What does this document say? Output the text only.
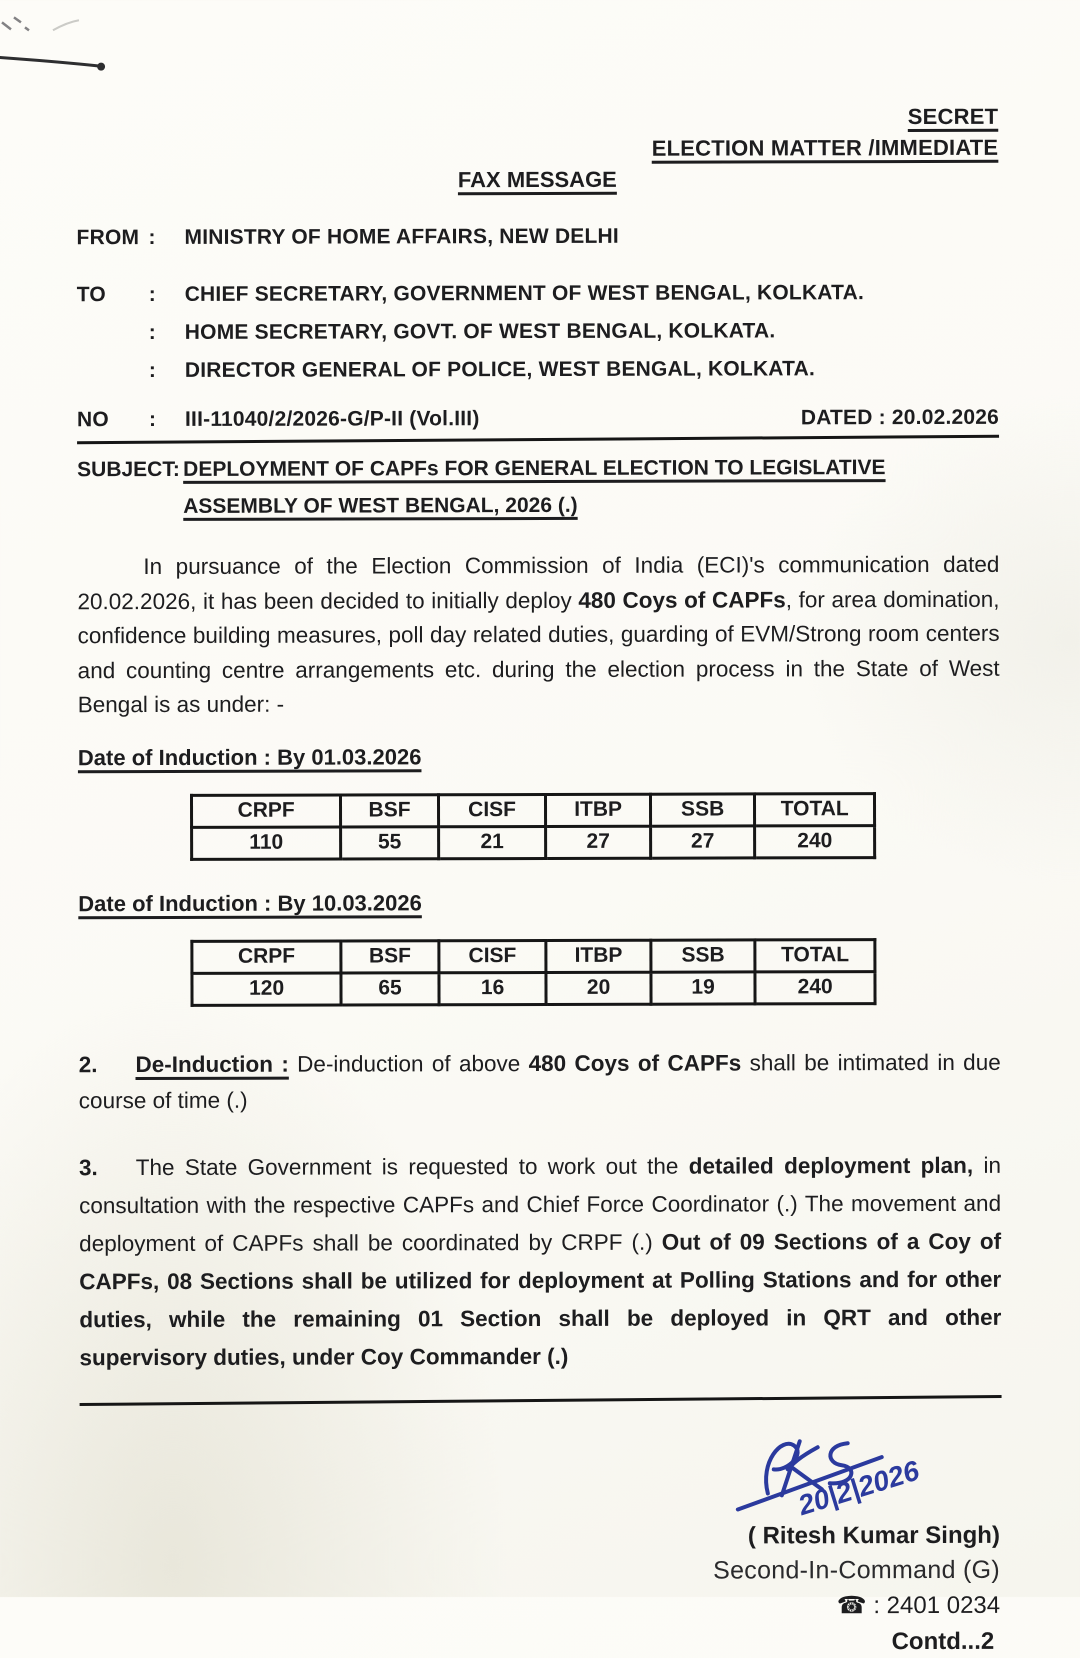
SECRET
ELECTION MATTER /IMMEDIATE
FAX MESSAGE
FROM :	MINISTRY OF HOME AFFAIRS, NEW DELHI
TO	:	CHIEF SECRETARY, GOVERNMENT OF WEST BENGAL, KOLKATA.
:	HOME SECRETARY, GOVT. OF WEST BENGAL, KOLKATA.
:	DIRECTOR GENERAL OF POLICE, WEST BENGAL, KOLKATA.
NO	:	III-11040/2/2026-G/P-II (Vol.III)	DATED : 20.02.2026
SUBJECT: DEPLOYMENT OF CAPFs FOR GENERAL ELECTION TO LEGISLATIVE ASSEMBLY OF WEST BENGAL, 2026 (.)

In pursuance of the Election Commission of India (ECI)'s communication dated 20.02.2026, it has been decided to initially deploy 480 Coys of CAPFs, for area domination, confidence building measures, poll day related duties, guarding of EVM/Strong room centers and counting centre arrangements etc. during the election process in the State of West Bengal is as under: -

Date of Induction : By 01.03.2026
CRPF	BSF	CISF	ITBP	SSB	TOTAL
110	55	21	27	27	240
Date of Induction : By 10.03.2026
CRPF	BSF	CISF	ITBP	SSB	TOTAL
120	65	16	20	19	240

2. De-Induction : De-induction of above 480 Coys of CAPFs shall be intimated in due course of time (.)

3. The State Government is requested to work out the detailed deployment plan, in consultation with the respective CAPFs and Chief Force Coordinator (.) The movement and deployment of CAPFs shall be coordinated by CRPF (.) Out of 09 Sections of a Coy of CAPFs, 08 Sections shall be utilized for deployment at Polling Stations and for other duties, while the remaining 01 Section shall be deployed in QRT and other supervisory duties, under Coy Commander (.)

20|2|2026
( Ritesh Kumar Singh)
Second-In-Command (G)
☎ : 2401 0234
Contd...2
